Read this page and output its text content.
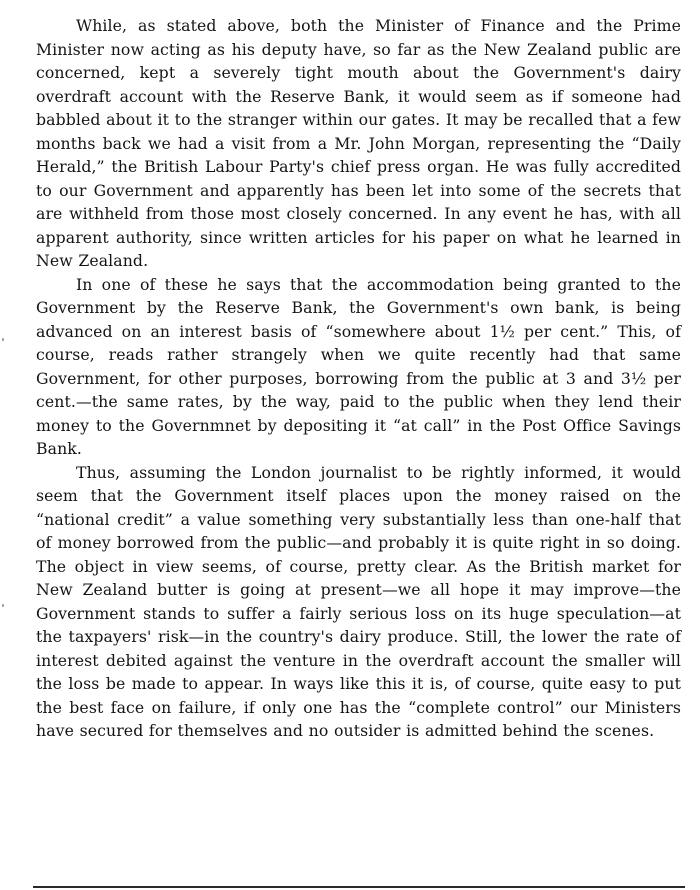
While, as stated above, both the Minister of Finance and the Prime Minister now acting as his deputy have, so far as the New Zealand public are concerned, kept a severely tight mouth about the Government's dairy overdraft account with the Reserve Bank, it would seem as if someone had babbled about it to the stranger within our gates. It may be recalled that a few months back we had a visit from a Mr. John Morgan, representing the “Daily Herald,” the British Labour Party's chief press organ. He was fully accredited to our Government and apparently has been let into some of the secrets that are withheld from those most closely concerned. In any event he has, with all apparent authority, since written articles for his paper on what he learned in New Zealand.

In one of these he says that the accommodation being granted to the Government by the Reserve Bank, the Government's own bank, is being advanced on an interest basis of “somewhere about 1½ per cent.” This, of course, reads rather strangely when we quite recently had that same Government, for other purposes, borrowing from the public at 3 and 3½ per cent.—the same rates, by the way, paid to the public when they lend their money to the Governmnet by depositing it “at call” in the Post Office Savings Bank.

Thus, assuming the London journalist to be rightly informed, it would seem that the Government itself places upon the money raised on the “national credit” a value something very substantially less than one-half that of money borrowed from the public—and probably it is quite right in so doing. The object in view seems, of course, pretty clear. As the British market for New Zealand butter is going at present—we all hope it may improve—the Government stands to suffer a fairly serious loss on its huge speculation—at the taxpayers' risk—in the country's dairy produce. Still, the lower the rate of interest debited against the venture in the overdraft account the smaller will the loss be made to appear. In ways like this it is, of course, quite easy to put the best face on failure, if only one has the “complete control” our Ministers have secured for themselves and no outsider is admitted behind the scenes.
